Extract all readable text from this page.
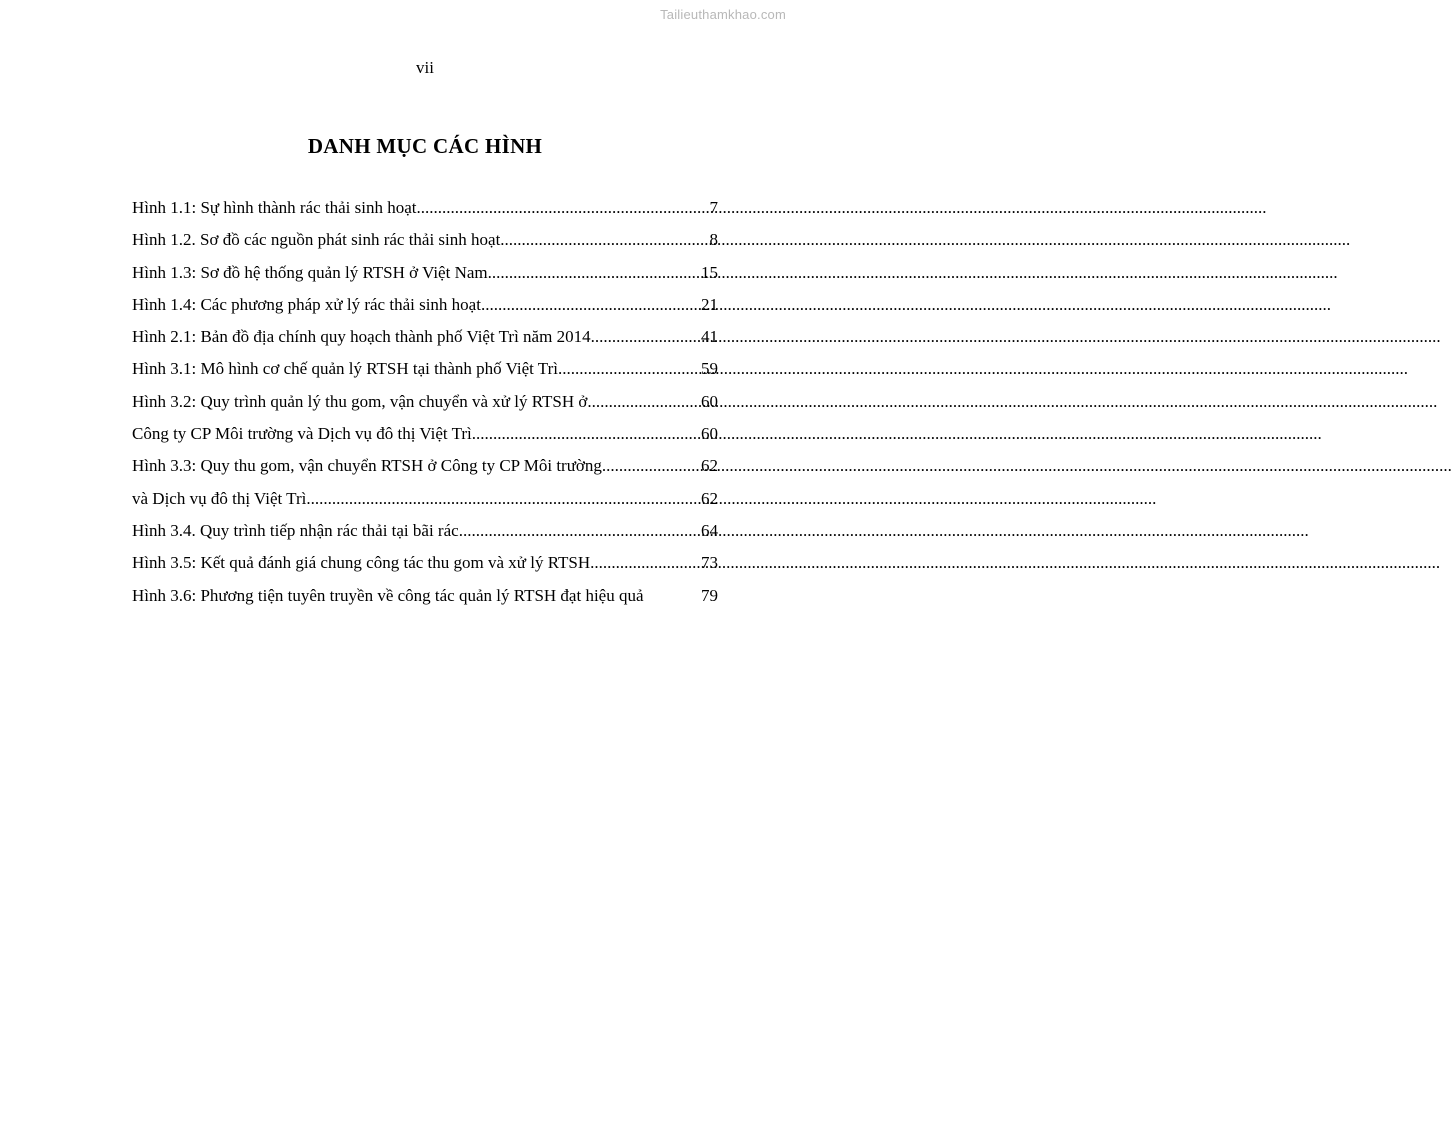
Tailieuthamkhao.com
vii
DANH MỤC CÁC HÌNH
Hình 1.1: Sự hình thành rác thải sinh hoạt .....	7
Hình 1.2. Sơ đồ các nguồn phát sinh rác thải sinh hoạt .....	8
Hình 1.3: Sơ đồ hệ thống quản lý RTSH ở Việt Nam .....	15
Hình 1.4: Các phương pháp xử lý rác thải sinh hoạt .....	21
Hình 2.1: Bản đồ địa chính quy hoạch thành phố Việt Trì năm 2014 .....	41
Hình 3.1: Mô hình cơ chế quản lý RTSH tại thành phố Việt Trì .....	59
Hình 3.2: Quy trình quản lý thu gom, vận chuyển và xử lý RTSH ở .....	60
Công ty CP Môi trường và Dịch vụ đô thị Việt Trì .....	60
Hình 3.3: Quy thu gom, vận chuyển RTSH ở Công ty CP Môi trường .....	62
và Dịch vụ đô thị Việt Trì .....	62
Hình 3.4. Quy trình tiếp nhận rác thải tại bãi rác .....	64
Hình 3.5: Kết quả đánh giá chung công tác thu gom và xử lý RTSH .....	73
Hình 3.6: Phương tiện tuyên truyền về công tác quản lý RTSH đạt hiệu quả	79
